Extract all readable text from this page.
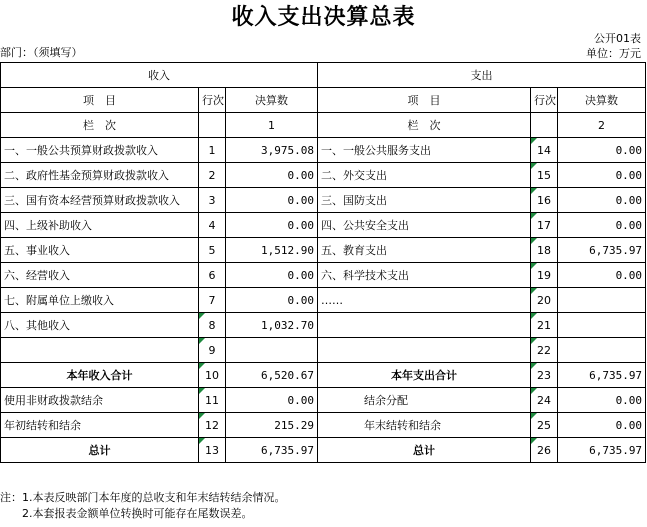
收入支出决算总表
公开01表
部门：（须填写）	单位：万元
收入			支出		
项　目	行次	决算数	项　目	行次	决算数
栏　次		1	栏　次		2
一、一般公共预算财政拨款收入	1	3,975.08	一、一般公共服务支出	14	0.00
二、政府性基金预算财政拨款收入	2	0.00	二、外交支出	15	0.00
三、国有资本经营预算财政拨款收入	3	0.00	三、国防支出	16	0.00
四、上级补助收入	4	0.00	四、公共安全支出	17	0.00
五、事业收入	5	1,512.90	五、教育支出	18	6,735.97
六、经营收入	6	0.00	六、科学技术支出	19	0.00
七、附属单位上缴收入	7	0.00	……	20	
八、其他收入	8	1,032.70		21	
	9			22	
本年收入合计	10	6,520.67	本年支出合计	23	6,735.97
使用非财政拨款结余	11	0.00	结余分配	24	0.00
年初结转和结余	12	215.29	年末结转和结余	25	0.00
总计	13	6,735.97	总计	26	6,735.97
注：1.本表反映部门本年度的总收支和年末结转结余情况。
　　2.本套报表金额单位转换时可能存在尾数误差。
